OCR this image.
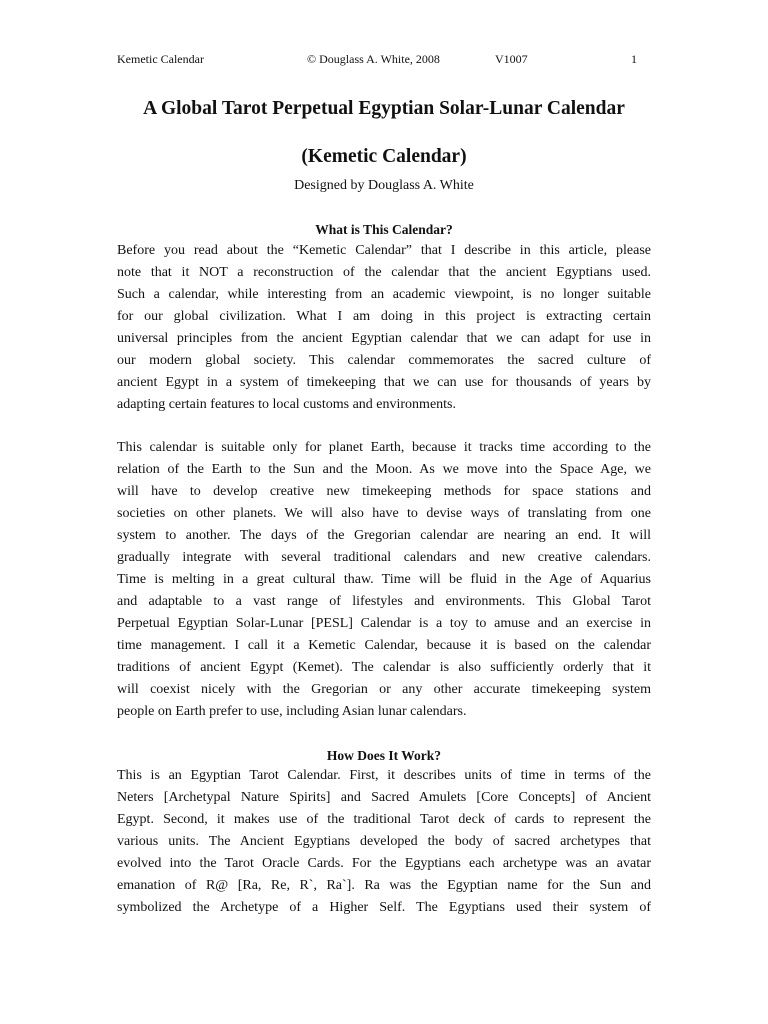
Kemetic Calendar	© Douglass A. White, 2008	V1007	1
A Global Tarot Perpetual Egyptian Solar-Lunar Calendar
(Kemetic Calendar)
Designed by Douglass A. White
What is This Calendar?
Before you read about the “Kemetic Calendar” that I describe in this article, please
note that it NOT a reconstruction of the calendar that the ancient Egyptians used.
Such a calendar, while interesting from an academic viewpoint, is no longer suitable
for our global civilization. What I am doing in this project is extracting certain
universal principles from the ancient Egyptian calendar that we can adapt for use in
our modern global society. This calendar commemorates the sacred culture of
ancient Egypt in a system of timekeeping that we can use for thousands of years by
adapting certain features to local customs and environments.
This calendar is suitable only for planet Earth, because it tracks time according to the
relation of the Earth to the Sun and the Moon. As we move into the Space Age, we
will have to develop creative new timekeeping methods for space stations and
societies on other planets. We will also have to devise ways of translating from one
system to another. The days of the Gregorian calendar are nearing an end. It will
gradually integrate with several traditional calendars and new creative calendars.
Time is melting in a great cultural thaw. Time will be fluid in the Age of Aquarius
and adaptable to a vast range of lifestyles and environments. This Global Tarot
Perpetual Egyptian Solar-Lunar [PESL] Calendar is a toy to amuse and an exercise in
time management. I call it a Kemetic Calendar, because it is based on the calendar
traditions of ancient Egypt (Kemet). The calendar is also sufficiently orderly that it
will coexist nicely with the Gregorian or any other accurate timekeeping system
people on Earth prefer to use, including Asian lunar calendars.
How Does It Work?
This is an Egyptian Tarot Calendar. First, it describes units of time in terms of the
Neters [Archetypal Nature Spirits] and Sacred Amulets [Core Concepts] of Ancient
Egypt. Second, it makes use of the traditional Tarot deck of cards to represent the
various units. The Ancient Egyptians developed the body of sacred archetypes that
evolved into the Tarot Oracle Cards. For the Egyptians each archetype was an avatar
emanation of R@ [Ra, Re, R`, Ra`]. Ra was the Egyptian name for the Sun and
symbolized the Archetype of a Higher Self. The Egyptians used their system of
